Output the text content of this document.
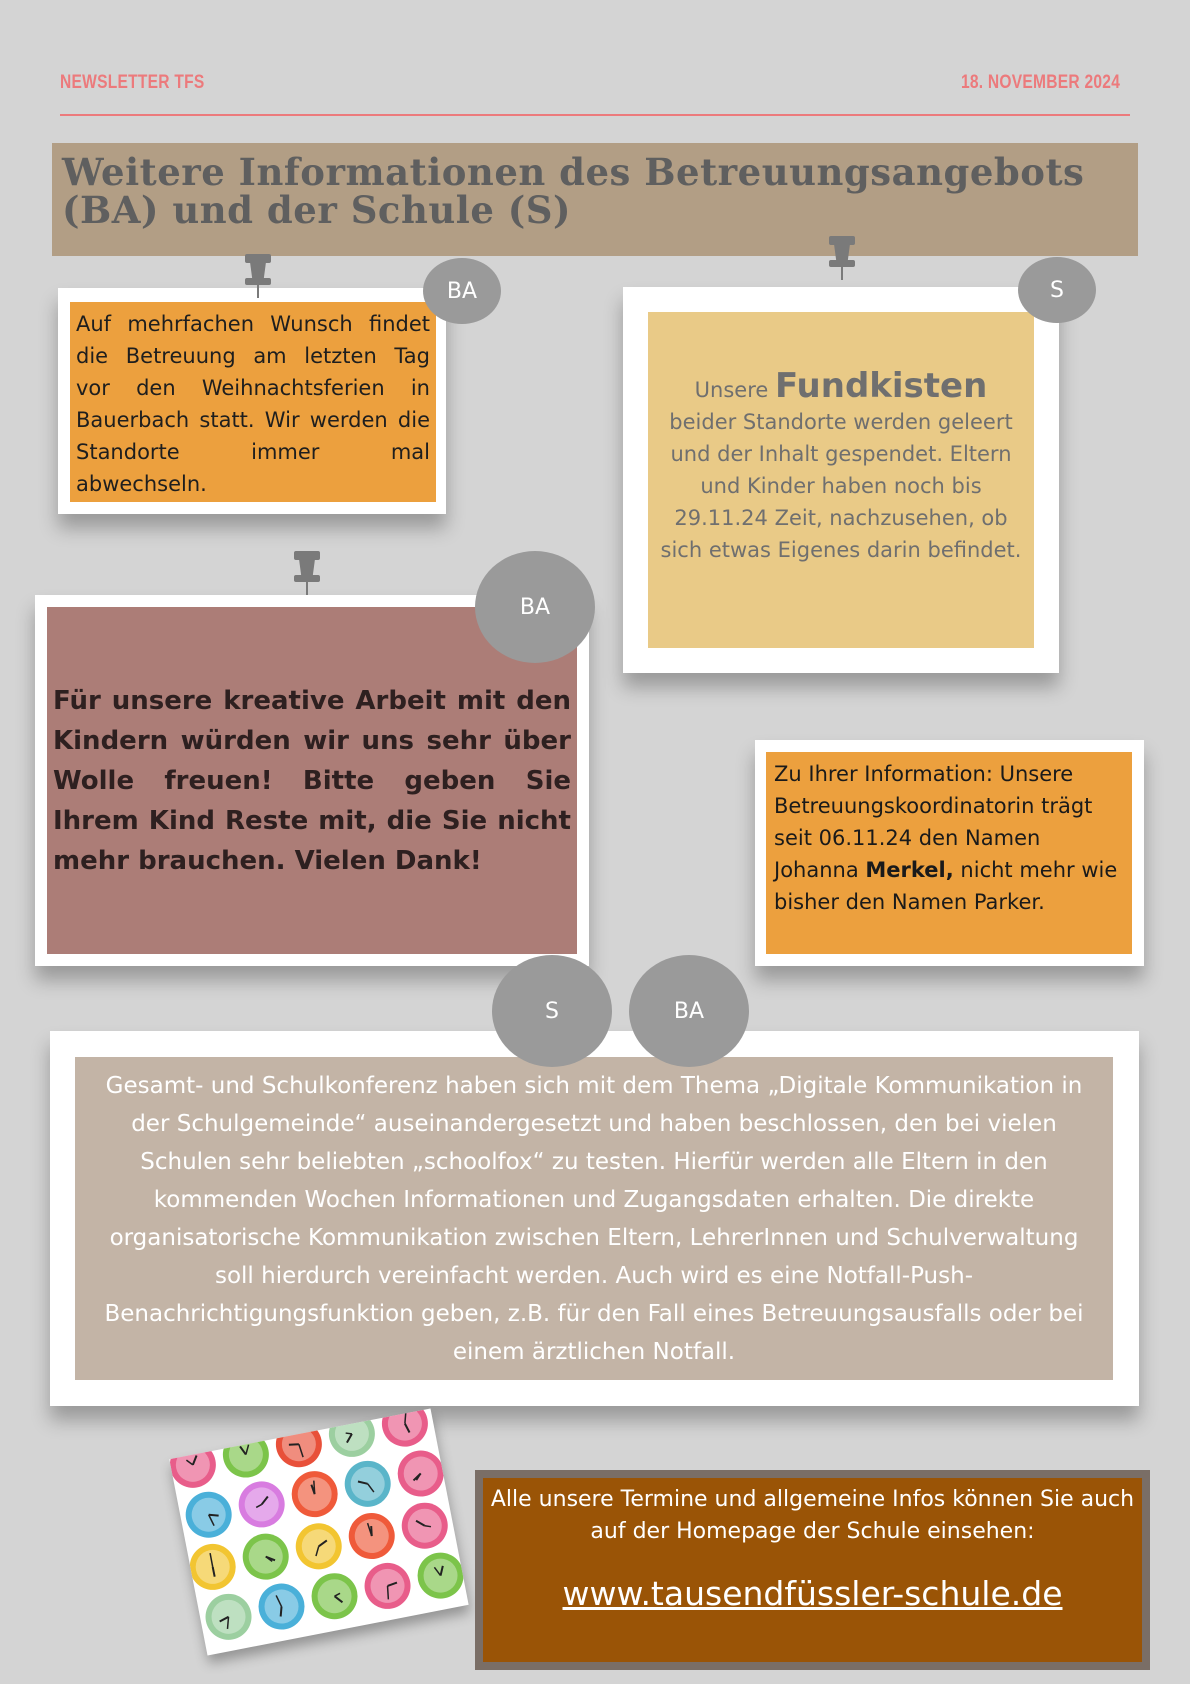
NEWSLETTER TFS	18. NOVEMBER 2024
Weitere Informationen des Betreuungsangebots (BA) und der Schule (S)
Auf mehrfachen Wunsch findet die Betreuung am letzten Tag vor den Weihnachtsferien in Bauerbach statt. Wir werden die Standorte immer mal abwechseln.
BA
Unsere Fundkisten beider Standorte werden geleert und der Inhalt gespendet. Eltern und Kinder haben noch bis 29.11.24 Zeit, nachzusehen, ob sich etwas Eigenes darin befindet.
S
Für unsere kreative Arbeit mit den Kindern würden wir uns sehr über Wolle freuen! Bitte geben Sie Ihrem Kind Reste mit, die Sie nicht mehr brauchen. Vielen Dank!
BA
Zu Ihrer Information: Unsere Betreuungskoordinatorin trägt seit 06.11.24 den Namen Johanna Merkel, nicht mehr wie bisher den Namen Parker.
Gesamt- und Schulkonferenz haben sich mit dem Thema „Digitale Kommunikation in der Schulgemeinde“ auseinandergesetzt und haben beschlossen, den bei vielen Schulen sehr beliebten „schoolfox“ zu testen. Hierfür werden alle Eltern in den kommenden Wochen Informationen und Zugangsdaten erhalten. Die direkte organisatorische Kommunikation zwischen Eltern, LehrerInnen und Schulverwaltung soll hierdurch vereinfacht werden. Auch wird es eine Notfall-Push-Benachrichtigungsfunktion geben, z.B. für den Fall eines Betreuungsausfalls oder bei einem ärztlichen Notfall.
S	BA

Alle unsere Termine und allgemeine Infos können Sie auch auf der Homepage der Schule einsehen:

www.tausendfüssler-schule.de
